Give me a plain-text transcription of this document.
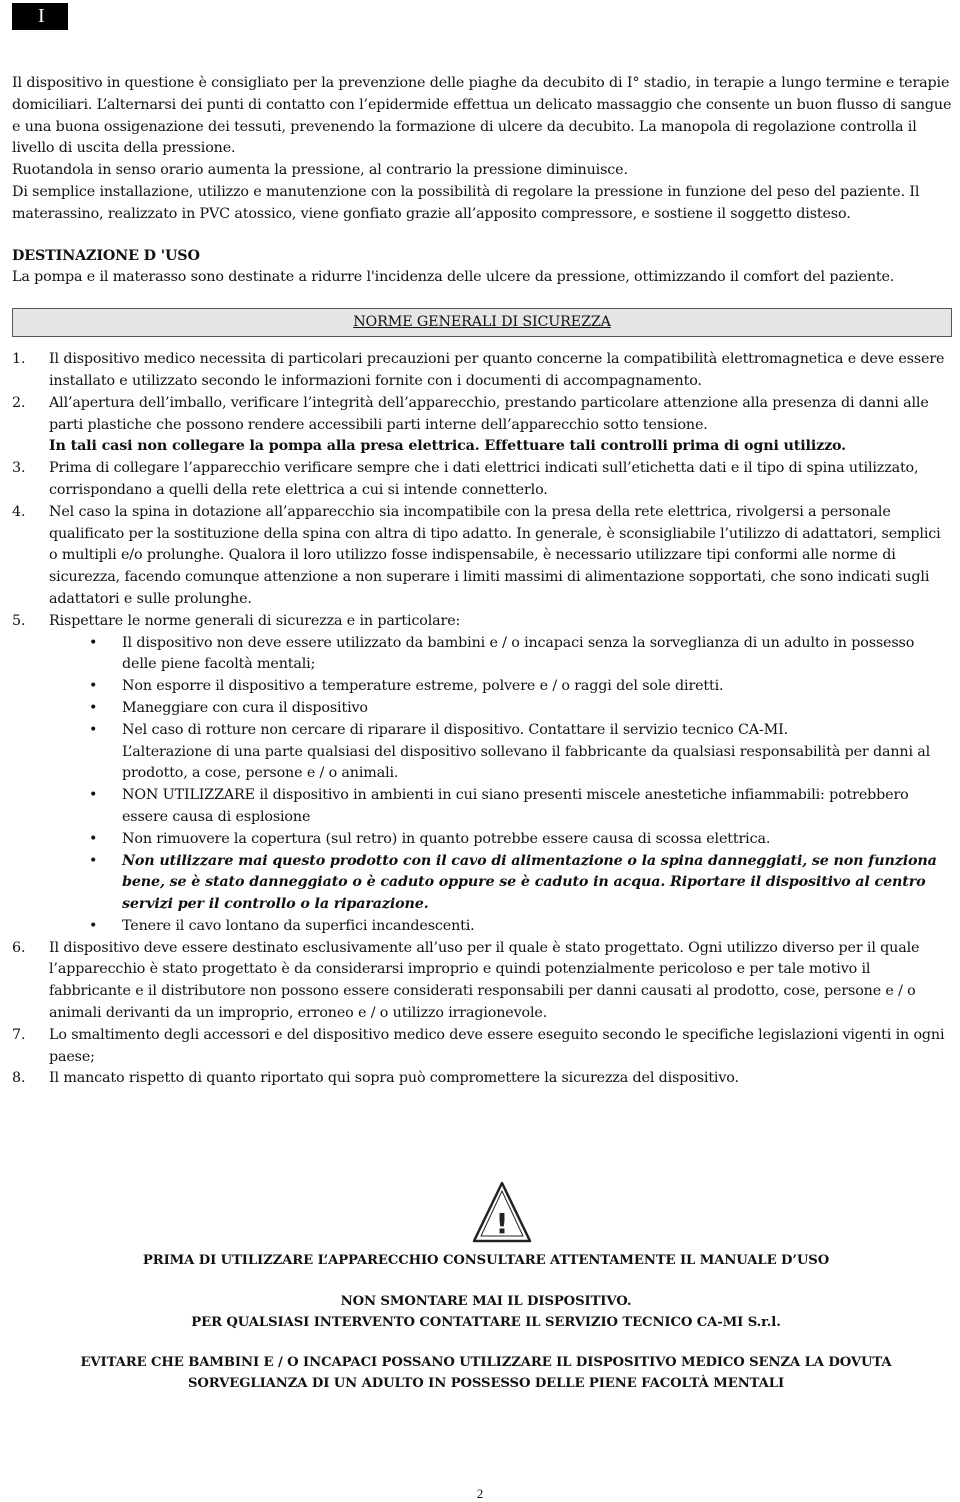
I

Il dispositivo in questione è consigliato per la prevenzione delle piaghe da decubito di I° stadio, in terapie a lungo termine e terapie domiciliari. L’alternarsi dei punti di contatto con l’epidermide effettua un delicato massaggio che consente un buon flusso di sangue e una buona ossigenazione dei tessuti, prevenendo la formazione di ulcere da decubito. La manopola di regolazione controlla il livello di uscita della pressione.

Ruotandola in senso orario aumenta la pressione, al contrario la pressione diminuisce.

Di semplice installazione, utilizzo e manutenzione con la possibilità di regolare la pressione in funzione del peso del paziente. Il materassino, realizzato in PVC atossico, viene gonfiato grazie all’apposito compressore, e sostiene il soggetto disteso.

DESTINAZIONE D 'USO

La pompa e il materasso sono destinate a ridurre l'incidenza delle ulcere da pressione, ottimizzando il comfort del paziente.

NORME GENERALI DI SICUREZZA
1. Il dispositivo medico necessita di particolari precauzioni per quanto concerne la compatibilità elettromagnetica e deve essere installato e utilizzato secondo le informazioni fornite con i documenti di accompagnamento.
2. All’apertura dell’imballo, verificare l’integrità dell’apparecchio, prestando particolare attenzione alla presenza di danni alle parti plastiche che possono rendere accessibili parti interne dell’apparecchio sotto tensione.
In tali casi non collegare la pompa alla presa elettrica. Effettuare tali controlli prima di ogni utilizzo.
3. Prima di collegare l’apparecchio verificare sempre che i dati elettrici indicati sull’etichetta dati e il tipo di spina utilizzato, corrispondano a quelli della rete elettrica a cui si intende connetterlo.
4. Nel caso la spina in dotazione all’apparecchio sia incompatibile con la presa della rete elettrica, rivolgersi a personale qualificato per la sostituzione della spina con altra di tipo adatto. In generale, è sconsigliabile l’utilizzo di adattatori, semplici o multipli e/o prolunghe. Qualora il loro utilizzo fosse indispensabile, è necessario utilizzare tipi conformi alle norme di sicurezza, facendo comunque attenzione a non superare i limiti massimi di alimentazione sopportati, che sono indicati sugli adattatori e sulle prolunghe.
5. Rispettare le norme generali di sicurezza e in particolare:
• Il dispositivo non deve essere utilizzato da bambini e / o incapaci senza la sorveglianza di un adulto in possesso delle piene facoltà mentali;
• Non esporre il dispositivo a temperature estreme, polvere e / o raggi del sole diretti.
• Maneggiare con cura il dispositivo
• Nel caso di rotture non cercare di riparare il dispositivo. Contattare il servizio tecnico CA-MI.
L’alterazione di una parte qualsiasi del dispositivo sollevano il fabbricante da qualsiasi responsabilità per danni al prodotto, a cose, persone e / o animali.
• NON UTILIZZARE il dispositivo in ambienti in cui siano presenti miscele anestetiche infiammabili: potrebbero essere causa di esplosione
• Non rimuovere la copertura (sul retro) in quanto potrebbe essere causa di scossa elettrica.
• Non utilizzare mai questo prodotto con il cavo di alimentazione o la spina danneggiati, se non funziona bene, se è stato danneggiato o è caduto oppure se è caduto in acqua. Riportare il dispositivo al centro servizi per il controllo o la riparazione.
• Tenere il cavo lontano da superfici incandescenti.
6. Il dispositivo deve essere destinato esclusivamente all’uso per il quale è stato progettato. Ogni utilizzo diverso per il quale l’apparecchio è stato progettato è da considerarsi improprio e quindi potenzialmente pericoloso e per tale motivo il fabbricante e il distributore non possono essere considerati responsabili per danni causati al prodotto, cose, persone e / o animali derivanti da un improprio, erroneo e / o utilizzo irragionevole.
7. Lo smaltimento degli accessori e del dispositivo medico deve essere eseguito secondo le specifiche legislazioni vigenti in ogni paese;
8. Il mancato rispetto di quanto riportato qui sopra può compromettere la sicurezza del dispositivo.
!
PRIMA DI UTILIZZARE L’APPARECCHIO CONSULTARE ATTENTAMENTE IL MANUALE D’USO
NON SMONTARE MAI IL DISPOSITIVO.
PER QUALSIASI INTERVENTO CONTATTARE IL SERVIZIO TECNICO CA-MI S.r.l.
EVITARE CHE BAMBINI E / O INCAPACI POSSANO UTILIZZARE IL DISPOSITIVO MEDICO SENZA LA DOVUTA
SORVEGLIANZA DI UN ADULTO IN POSSESSO DELLE PIENE FACOLTÀ MENTALI
2
